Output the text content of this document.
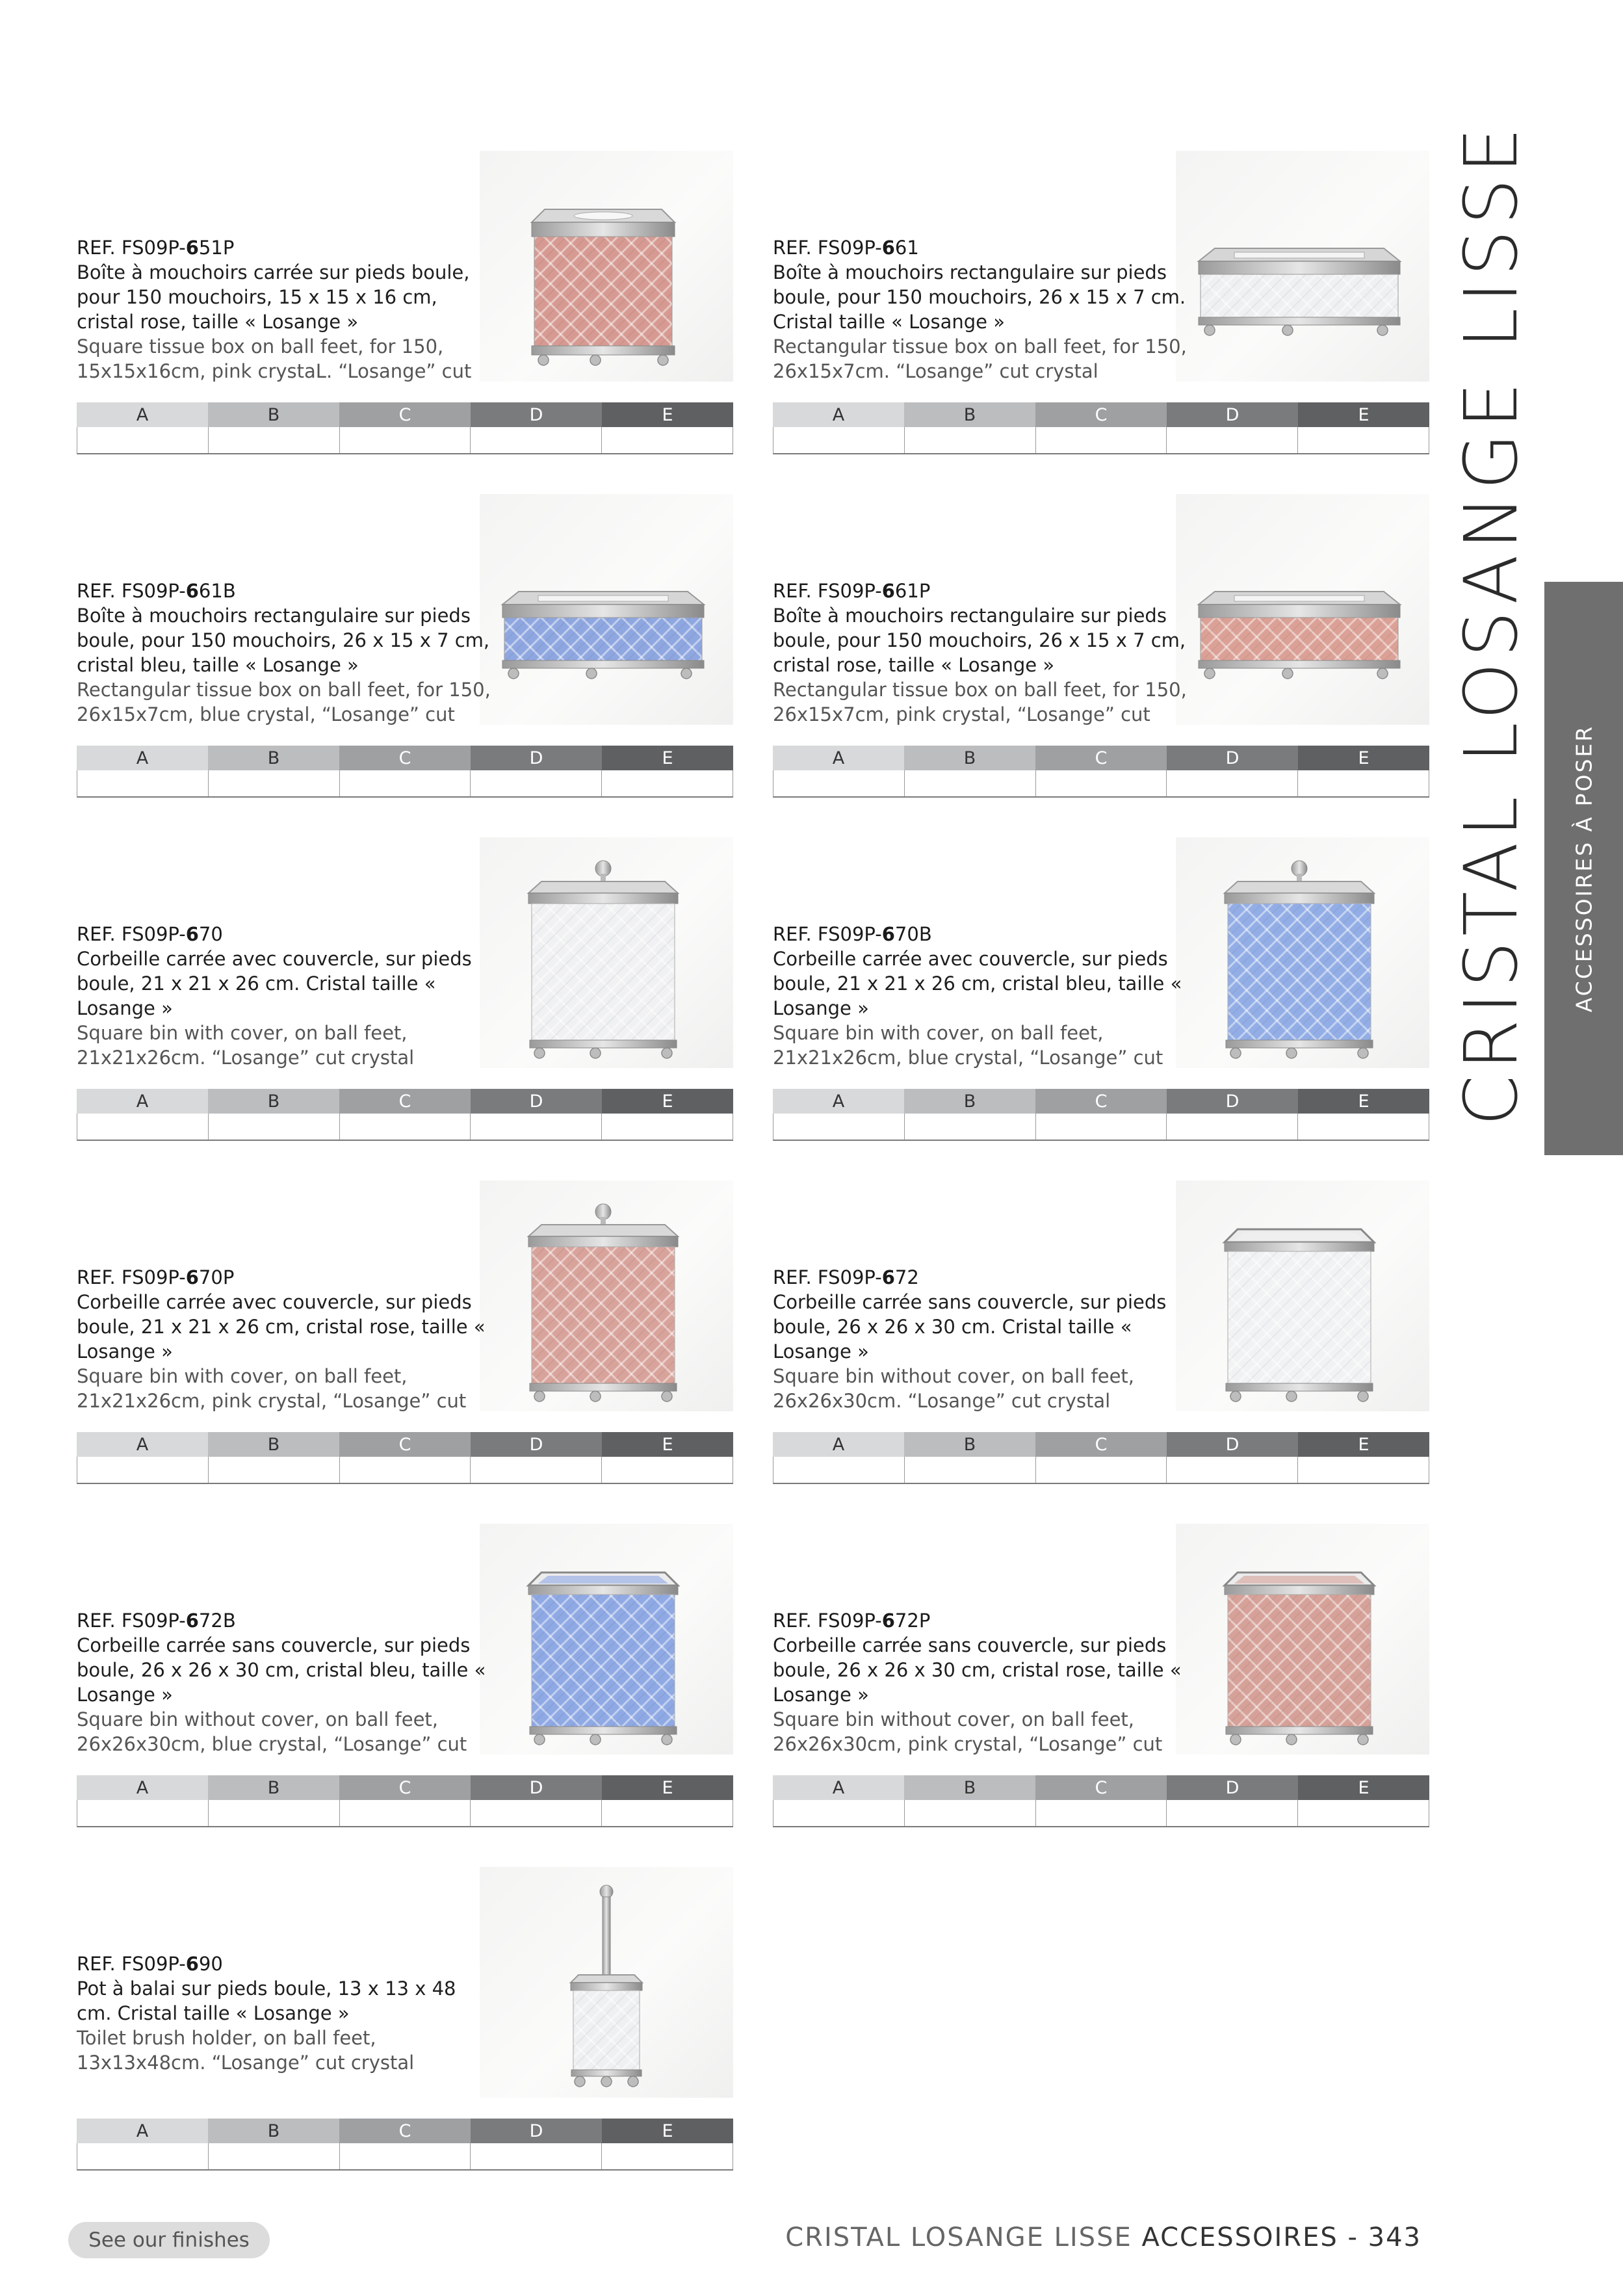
REF. FS09P-651P
Boîte à mouchoirs carrée sur pieds boule, pour 150 mouchoirs, 15 x 15 x 16 cm, cristal rose, taille « Losange »
Square tissue box on ball feet, for 150, 15x15x16cm, pink crystaL. “Losange” cut
A	B	C	D	E
REF. FS09P-661
Boîte à mouchoirs rectangulaire sur pieds boule, pour 150 mouchoirs, 26 x 15 x 7 cm. Cristal taille « Losange »
Rectangular tissue box on ball feet, for 150, 26x15x7cm. “Losange” cut crystal
A	B	C	D	E
REF. FS09P-661B
Boîte à mouchoirs rectangulaire sur pieds boule, pour 150 mouchoirs, 26 x 15 x 7 cm, cristal bleu, taille « Losange »
Rectangular tissue box on ball feet, for 150, 26x15x7cm, blue crystal, “Losange” cut
A	B	C	D	E
REF. FS09P-661P
Boîte à mouchoirs rectangulaire sur pieds boule, pour 150 mouchoirs, 26 x 15 x 7 cm, cristal rose, taille « Losange »
Rectangular tissue box on ball feet, for 150, 26x15x7cm, pink crystal, “Losange” cut
A	B	C	D	E
REF. FS09P-670
Corbeille carrée avec couvercle, sur pieds boule, 21 x 21 x 26 cm. Cristal taille « Losange »
Square bin with cover, on ball feet, 21x21x26cm. “Losange” cut crystal
A	B	C	D	E
REF. FS09P-670B
Corbeille carrée avec couvercle, sur pieds boule, 21 x 21 x 26 cm, cristal bleu, taille « Losange »
Square bin with cover, on ball feet, 21x21x26cm, blue crystal, “Losange” cut
A	B	C	D	E
REF. FS09P-670P
Corbeille carrée avec couvercle, sur pieds boule, 21 x 21 x 26 cm, cristal rose, taille « Losange »
Square bin with cover, on ball feet, 21x21x26cm, pink crystal, “Losange” cut
A	B	C	D	E
REF. FS09P-672
Corbeille carrée sans couvercle, sur pieds boule, 26 x 26 x 30 cm. Cristal taille « Losange »
Square bin without cover, on ball feet, 26x26x30cm. “Losange” cut crystal
A	B	C	D	E
REF. FS09P-672B
Corbeille carrée sans couvercle, sur pieds boule, 26 x 26 x 30 cm, cristal bleu, taille « Losange »
Square bin without cover, on ball feet, 26x26x30cm, blue crystal, “Losange” cut
A	B	C	D	E
REF. FS09P-672P
Corbeille carrée sans couvercle, sur pieds boule, 26 x 26 x 30 cm, cristal rose, taille « Losange »
Square bin without cover, on ball feet, 26x26x30cm, pink crystal, “Losange” cut
A	B	C	D	E
REF. FS09P-690
Pot à balai sur pieds boule, 13 x 13 x 48 cm. Cristal taille « Losange »
Toilet brush holder, on ball feet, 13x13x48cm. “Losange” cut crystal
A	B	C	D	E
CRISTAL LOSANGE LISSE ACCESSOIRES À POSER
See our finishes	CRISTAL LOSANGE LISSE ACCESSOIRES - 343
